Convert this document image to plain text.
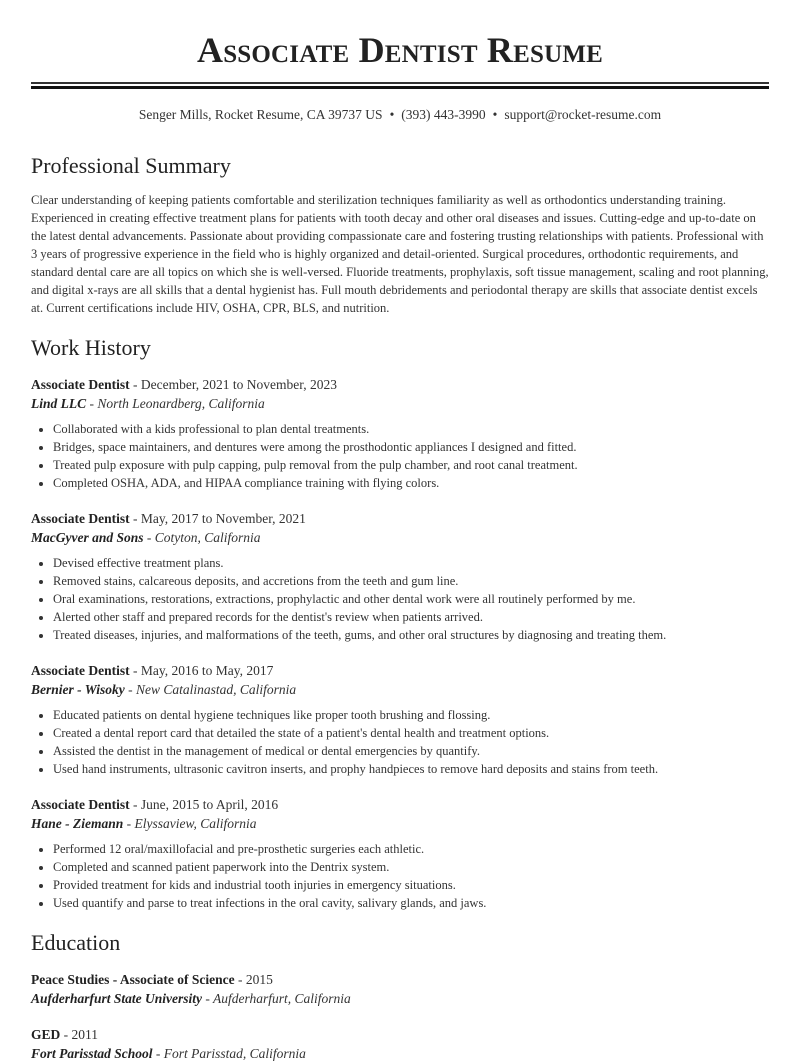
Associate Dentist Resume
Senger Mills, Rocket Resume, CA 39737 US • (393) 443-3990 • support@rocket-resume.com
Professional Summary

Clear understanding of keeping patients comfortable and sterilization techniques familiarity as well as orthodontics understanding training. Experienced in creating effective treatment plans for patients with tooth decay and other oral diseases and issues. Cutting-edge and up-to-date on the latest dental advancements. Passionate about providing compassionate care and fostering trusting relationships with patients. Professional with 3 years of progressive experience in the field who is highly organized and detail-oriented. Surgical procedures, orthodontic requirements, and standard dental care are all topics on which she is well-versed. Fluoride treatments, prophylaxis, soft tissue management, scaling and root planning, and digital x-rays are all skills that a dental hygienist has. Full mouth debridements and periodontal therapy are skills that associate dentist excels at. Current certifications include HIV, OSHA, CPR, BLS, and nutrition.

Work History
Associate Dentist - December, 2021 to November, 2023
Lind LLC - North Leonardberg, California
• Collaborated with a kids professional to plan dental treatments.
• Bridges, space maintainers, and dentures were among the prosthodontic appliances I designed and fitted.
• Treated pulp exposure with pulp capping, pulp removal from the pulp chamber, and root canal treatment.
• Completed OSHA, ADA, and HIPAA compliance training with flying colors.
Associate Dentist - May, 2017 to November, 2021
MacGyver and Sons - Cotyton, California
• Devised effective treatment plans.
• Removed stains, calcareous deposits, and accretions from the teeth and gum line.
• Oral examinations, restorations, extractions, prophylactic and other dental work were all routinely performed by me.
• Alerted other staff and prepared records for the dentist's review when patients arrived.
• Treated diseases, injuries, and malformations of the teeth, gums, and other oral structures by diagnosing and treating them.
Associate Dentist - May, 2016 to May, 2017
Bernier - Wisoky - New Catalinastad, California
• Educated patients on dental hygiene techniques like proper tooth brushing and flossing.
• Created a dental report card that detailed the state of a patient's dental health and treatment options.
• Assisted the dentist in the management of medical or dental emergencies by quantify.
• Used hand instruments, ultrasonic cavitron inserts, and prophy handpieces to remove hard deposits and stains from teeth.
Associate Dentist - June, 2015 to April, 2016
Hane - Ziemann - Elyssaview, California
• Performed 12 oral/maxillofacial and pre-prosthetic surgeries each athletic.
• Completed and scanned patient paperwork into the Dentrix system.
• Provided treatment for kids and industrial tooth injuries in emergency situations.
• Used quantify and parse to treat infections in the oral cavity, salivary glands, and jaws.
Education
Peace Studies - Associate of Science - 2015
Aufderharfurt State University - Aufderharfurt, California
GED - 2011
Fort Parisstad School - Fort Parisstad, California
